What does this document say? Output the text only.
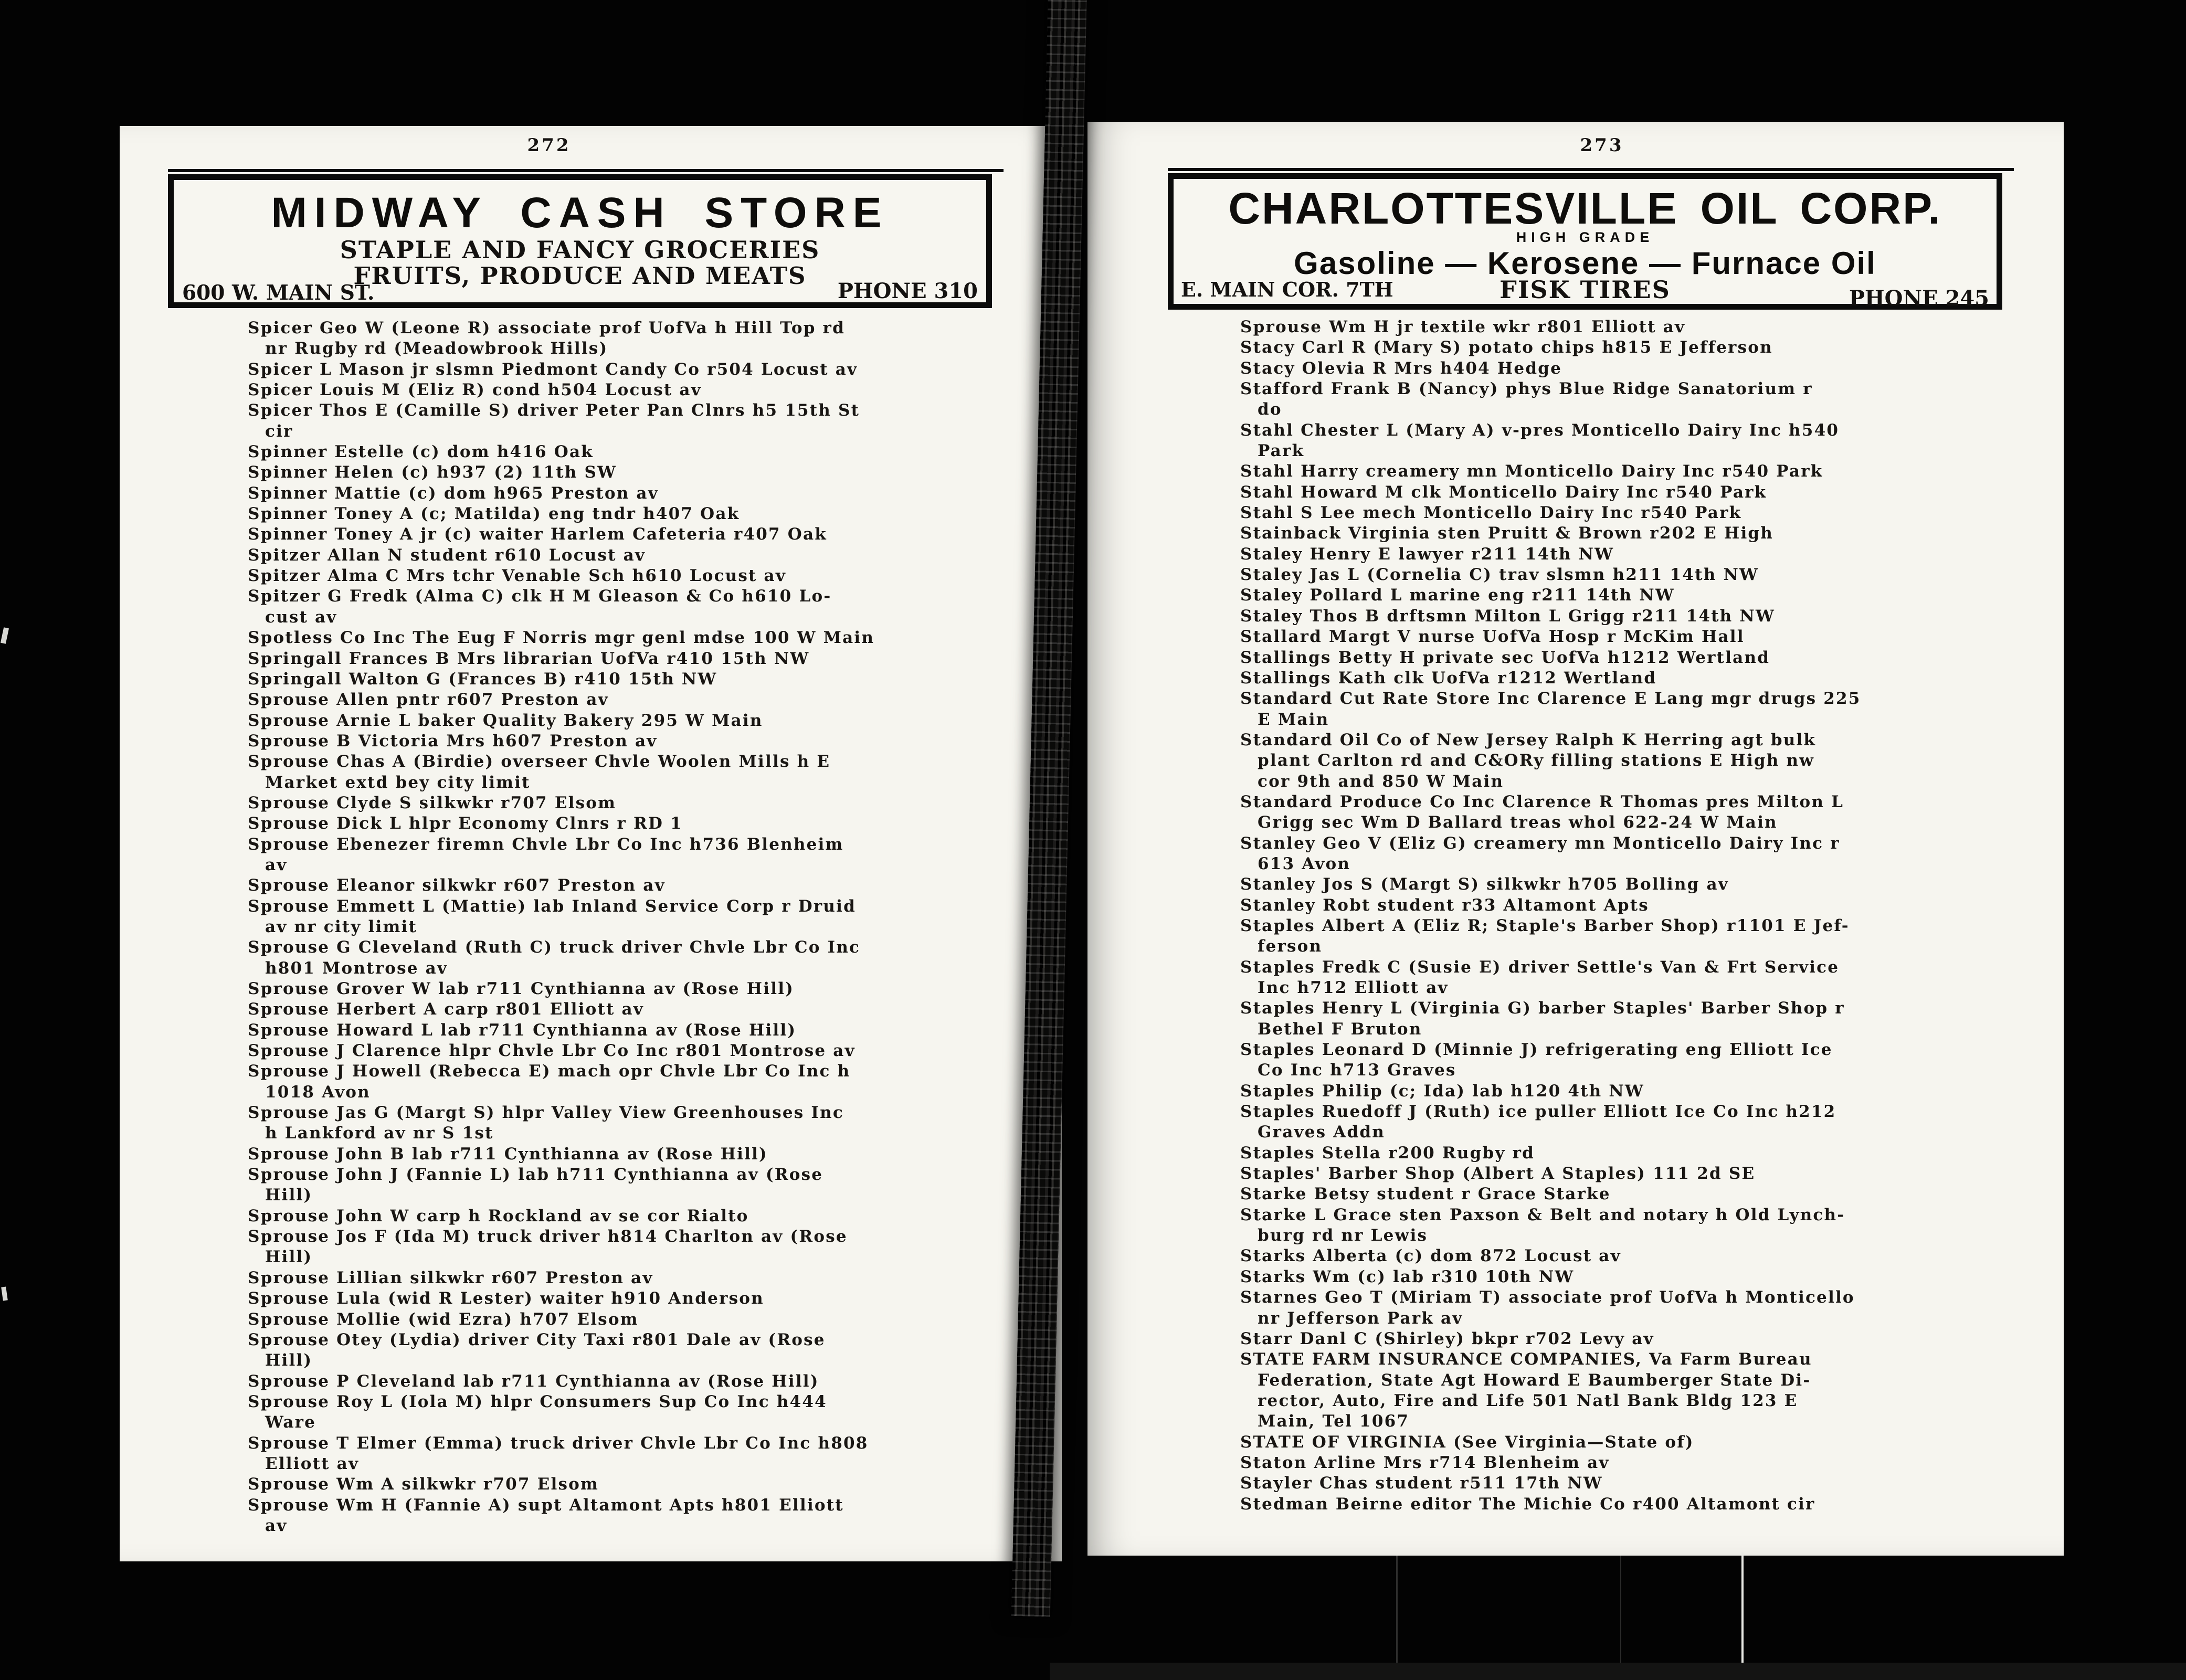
272
MIDWAY CASH STORE
STAPLE AND FANCY GROCERIES
FRUITS, PRODUCE AND MEATS
600 W. MAIN ST.	PHONE 310
Spicer Geo W (Leone R) associate prof UofVa h Hill Top rd
nr Rugby rd (Meadowbrook Hills)
Spicer L Mason jr slsmn Piedmont Candy Co r504 Locust av
Spicer Louis M (Eliz R) cond h504 Locust av
Spicer Thos E (Camille S) driver Peter Pan Clnrs h5 15th St
cir
Spinner Estelle (c) dom h416 Oak
Spinner Helen (c) h937 (2) 11th SW
Spinner Mattie (c) dom h965 Preston av
Spinner Toney A (c; Matilda) eng tndr h407 Oak
Spinner Toney A jr (c) waiter Harlem Cafeteria r407 Oak
Spitzer Allan N student r610 Locust av
Spitzer Alma C Mrs tchr Venable Sch h610 Locust av
Spitzer G Fredk (Alma C) clk H M Gleason & Co h610 Lo-
cust av
Spotless Co Inc The Eug F Norris mgr genl mdse 100 W Main
Springall Frances B Mrs librarian UofVa r410 15th NW
Springall Walton G (Frances B) r410 15th NW
Sprouse Allen pntr r607 Preston av
Sprouse Arnie L baker Quality Bakery 295 W Main
Sprouse B Victoria Mrs h607 Preston av
Sprouse Chas A (Birdie) overseer Chvle Woolen Mills h E
Market extd bey city limit
Sprouse Clyde S silkwkr r707 Elsom
Sprouse Dick L hlpr Economy Clnrs r RD 1
Sprouse Ebenezer firemn Chvle Lbr Co Inc h736 Blenheim
av
Sprouse Eleanor silkwkr r607 Preston av
Sprouse Emmett L (Mattie) lab Inland Service Corp r Druid
av nr city limit
Sprouse G Cleveland (Ruth C) truck driver Chvle Lbr Co Inc
h801 Montrose av
Sprouse Grover W lab r711 Cynthianna av (Rose Hill)
Sprouse Herbert A carp r801 Elliott av
Sprouse Howard L lab r711 Cynthianna av (Rose Hill)
Sprouse J Clarence hlpr Chvle Lbr Co Inc r801 Montrose av
Sprouse J Howell (Rebecca E) mach opr Chvle Lbr Co Inc h
1018 Avon
Sprouse Jas G (Margt S) hlpr Valley View Greenhouses Inc
h Lankford av nr S 1st
Sprouse John B lab r711 Cynthianna av (Rose Hill)
Sprouse John J (Fannie L) lab h711 Cynthianna av (Rose
Hill)
Sprouse John W carp h Rockland av se cor Rialto
Sprouse Jos F (Ida M) truck driver h814 Charlton av (Rose
Hill)
Sprouse Lillian silkwkr r607 Preston av
Sprouse Lula (wid R Lester) waiter h910 Anderson
Sprouse Mollie (wid Ezra) h707 Elsom
Sprouse Otey (Lydia) driver City Taxi r801 Dale av (Rose
Hill)
Sprouse P Cleveland lab r711 Cynthianna av (Rose Hill)
Sprouse Roy L (Iola M) hlpr Consumers Sup Co Inc h444
Ware
Sprouse T Elmer (Emma) truck driver Chvle Lbr Co Inc h808
Elliott av
Sprouse Wm A silkwkr r707 Elsom
Sprouse Wm H (Fannie A) supt Altamont Apts h801 Elliott
av
273
CHARLOTTESVILLE OIL CORP.
HIGH GRADE
Gasoline — Kerosene — Furnace Oil
E. MAIN COR. 7TH	FISK TIRES	PHONE 245
Sprouse Wm H jr textile wkr r801 Elliott av
Stacy Carl R (Mary S) potato chips h815 E Jefferson
Stacy Olevia R Mrs h404 Hedge
Stafford Frank B (Nancy) phys Blue Ridge Sanatorium r
do
Stahl Chester L (Mary A) v-pres Monticello Dairy Inc h540
Park
Stahl Harry creamery mn Monticello Dairy Inc r540 Park
Stahl Howard M clk Monticello Dairy Inc r540 Park
Stahl S Lee mech Monticello Dairy Inc r540 Park
Stainback Virginia sten Pruitt & Brown r202 E High
Staley Henry E lawyer r211 14th NW
Staley Jas L (Cornelia C) trav slsmn h211 14th NW
Staley Pollard L marine eng r211 14th NW
Staley Thos B drftsmn Milton L Grigg r211 14th NW
Stallard Margt V nurse UofVa Hosp r McKim Hall
Stallings Betty H private sec UofVa h1212 Wertland
Stallings Kath clk UofVa r1212 Wertland
Standard Cut Rate Store Inc Clarence E Lang mgr drugs 225
E Main
Standard Oil Co of New Jersey Ralph K Herring agt bulk
plant Carlton rd and C&ORy filling stations E High nw
cor 9th and 850 W Main
Standard Produce Co Inc Clarence R Thomas pres Milton L
Grigg sec Wm D Ballard treas whol 622-24 W Main
Stanley Geo V (Eliz G) creamery mn Monticello Dairy Inc r
613 Avon
Stanley Jos S (Margt S) silkwkr h705 Bolling av
Stanley Robt student r33 Altamont Apts
Staples Albert A (Eliz R; Staple's Barber Shop) r1101 E Jef-
ferson
Staples Fredk C (Susie E) driver Settle's Van & Frt Service
Inc h712 Elliott av
Staples Henry L (Virginia G) barber Staples' Barber Shop r
Bethel F Bruton
Staples Leonard D (Minnie J) refrigerating eng Elliott Ice
Co Inc h713 Graves
Staples Philip (c; Ida) lab h120 4th NW
Staples Ruedoff J (Ruth) ice puller Elliott Ice Co Inc h212
Graves Addn
Staples Stella r200 Rugby rd
Staples' Barber Shop (Albert A Staples) 111 2d SE
Starke Betsy student r Grace Starke
Starke L Grace sten Paxson & Belt and notary h Old Lynch-
burg rd nr Lewis
Starks Alberta (c) dom 872 Locust av
Starks Wm (c) lab r310 10th NW
Starnes Geo T (Miriam T) associate prof UofVa h Monticello
nr Jefferson Park av
Starr Danl C (Shirley) bkpr r702 Levy av
STATE FARM INSURANCE COMPANIES, Va Farm Bureau
Federation, State Agt Howard E Baumberger State Di-
rector, Auto, Fire and Life 501 Natl Bank Bldg 123 E
Main, Tel 1067
STATE OF VIRGINIA (See Virginia—State of)
Staton Arline Mrs r714 Blenheim av
Stayler Chas student r511 17th NW
Stedman Beirne editor The Michie Co r400 Altamont cir
